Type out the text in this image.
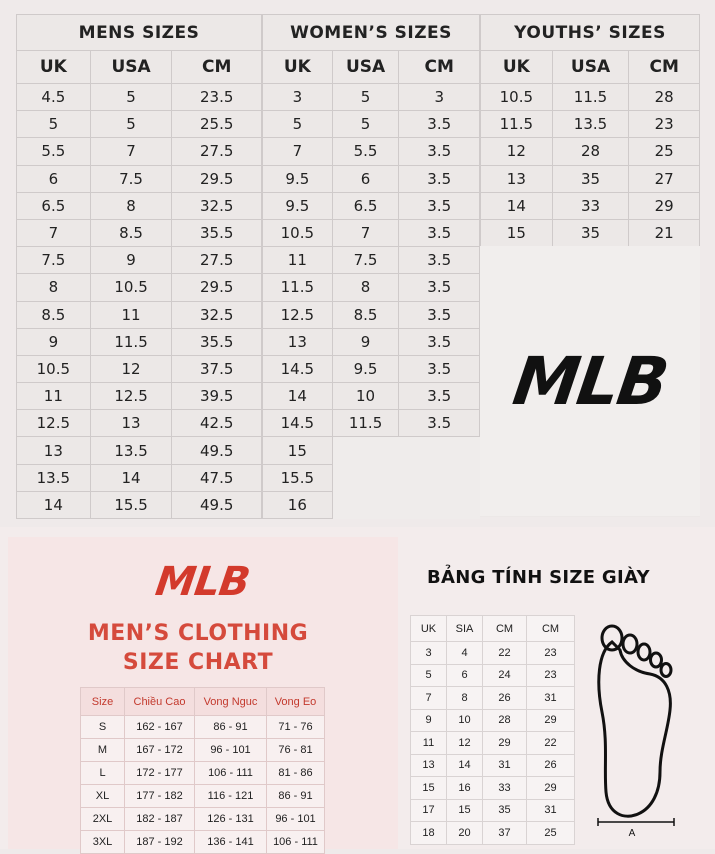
MENS SIZES		
UK	USA	CM
4.5	5	23.5
5	5	25.5
5.5	7	27.5
6	7.5	29.5
6.5	8	32.5
7	8.5	35.5
7.5	9	27.5
8	10.5	29.5
8.5	11	32.5
9	11.5	35.5
10.5	12	37.5
11	12.5	39.5
12.5	13	42.5
13	13.5	49.5
13.5	14	47.5
14	15.5	49.5
WOMEN’S SIZES		
UK	USA	CM
3	5	3
5	5	3.5
7	5.5	3.5
9.5	6	3.5
9.5	6.5	3.5
10.5	7	3.5
11	7.5	3.5
11.5	8	3.5
12.5	8.5	3.5
13	9	3.5
14.5	9.5	3.5
14	10	3.5
14.5	11.5	3.5
15		
15.5		
16		
YOUTHS’ SIZES		
UK	USA	CM
10.5	11.5	28
11.5	13.5	23
12	28	25
13	35	27
14	33	29
15	35	21
MLB
MLB
MEN’S CLOTHING
SIZE CHART
Size	Chiều Cao	Vong Nguc	Vong Eo
S	162 - 167	86 - 91	71 - 76
M	167 - 172	96 - 101	76 - 81
L	172 - 177	106 - 111	81 - 86
XL	177 - 182	116 - 121	86 - 91
2XL	182 - 187	126 - 131	96 - 101
3XL	187 - 192	136 - 141	106 - 111
BẢNG TÍNH SIZE GIÀY
UK	SIA	CM	CM
3	4	22	23
5	6	24	23
7	8	26	31
9	10	28	29
11	12	29	22
13	14	31	26
15	16	33	29
17	15	35	31
18	20	37	25	A
